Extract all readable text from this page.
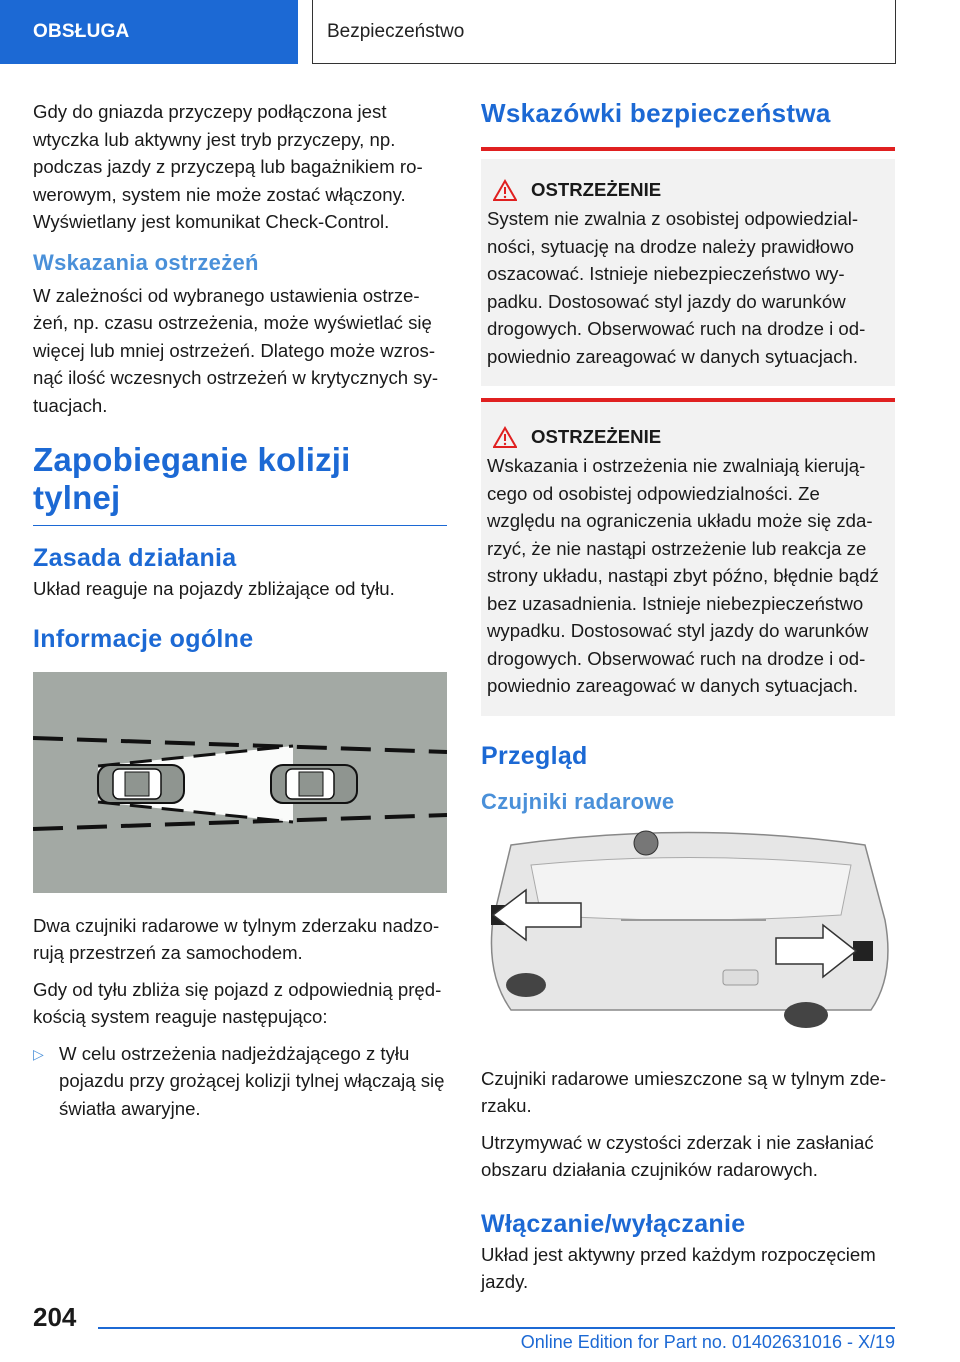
OBSŁUGA	Bezpieczeństwo

Gdy do gniazda przyczepy podłączona jest wtyczka lub aktywny jest tryb przyczepy, np. podczas jazdy z przyczepą lub bagażnikiem rowerowym, system nie może zostać włączony. Wyświetlany jest komunikat Check-Control.

Wskazania ostrzeżeń

W zależności od wybranego ustawienia ostrzeżeń, np. czasu ostrzeżenia, może wyświetlać się więcej lub mniej ostrzeżeń. Dlatego może wzrosnąć ilość wczesnych ostrzeżeń w krytycznych sytuacjach.

Zapobieganie kolizji tylnej
Zasada działania

Układ reaguje na pojazdy zbliżające od tyłu.

Informacje ogólne

Dwa czujniki radarowe w tylnym zderzaku nadzorują przestrzeń za samochodem.

Gdy od tyłu zbliża się pojazd z odpowiednią prędkością system reaguje następująco:

▷ W celu ostrzeżenia nadjeżdżającego z tyłu pojazdu przy grożącej kolizji tylnej włączają się światła awaryjne.
Wskazówki bezpieczeństwa
OSTRZEŻENIE

System nie zwalnia z osobistej odpowiedzialności, sytuację na drodze należy prawidłowo oszacować. Istnieje niebezpieczeństwo wypadku. Dostosować styl jazdy do warunków drogowych. Obserwować ruch na drodze i odpowiednio zareagować w danych sytuacjach.

OSTRZEŻENIE

Wskazania i ostrzeżenia nie zwalniają kierującego od osobistej odpowiedzialności. Ze względu na ograniczenia układu może się zdarzyć, że nie nastąpi ostrzeżenie lub reakcja ze strony układu, nastąpi zbyt późno, błędnie bądź bez uzasadnienia. Istnieje niebezpieczeństwo wypadku. Dostosować styl jazdy do warunków drogowych. Obserwować ruch na drodze i odpowiednio zareagować w danych sytuacjach.

Przegląd
Czujniki radarowe

Czujniki radarowe umieszczone są w tylnym zderzaku.

Utrzymywać w czystości zderzak i nie zasłaniać obszaru działania czujników radarowych.

Włączanie/wyłączanie

Układ jest aktywny przed każdym rozpoczęciem jazdy.

204
Online Edition for Part no. 01402631016 - X/19
